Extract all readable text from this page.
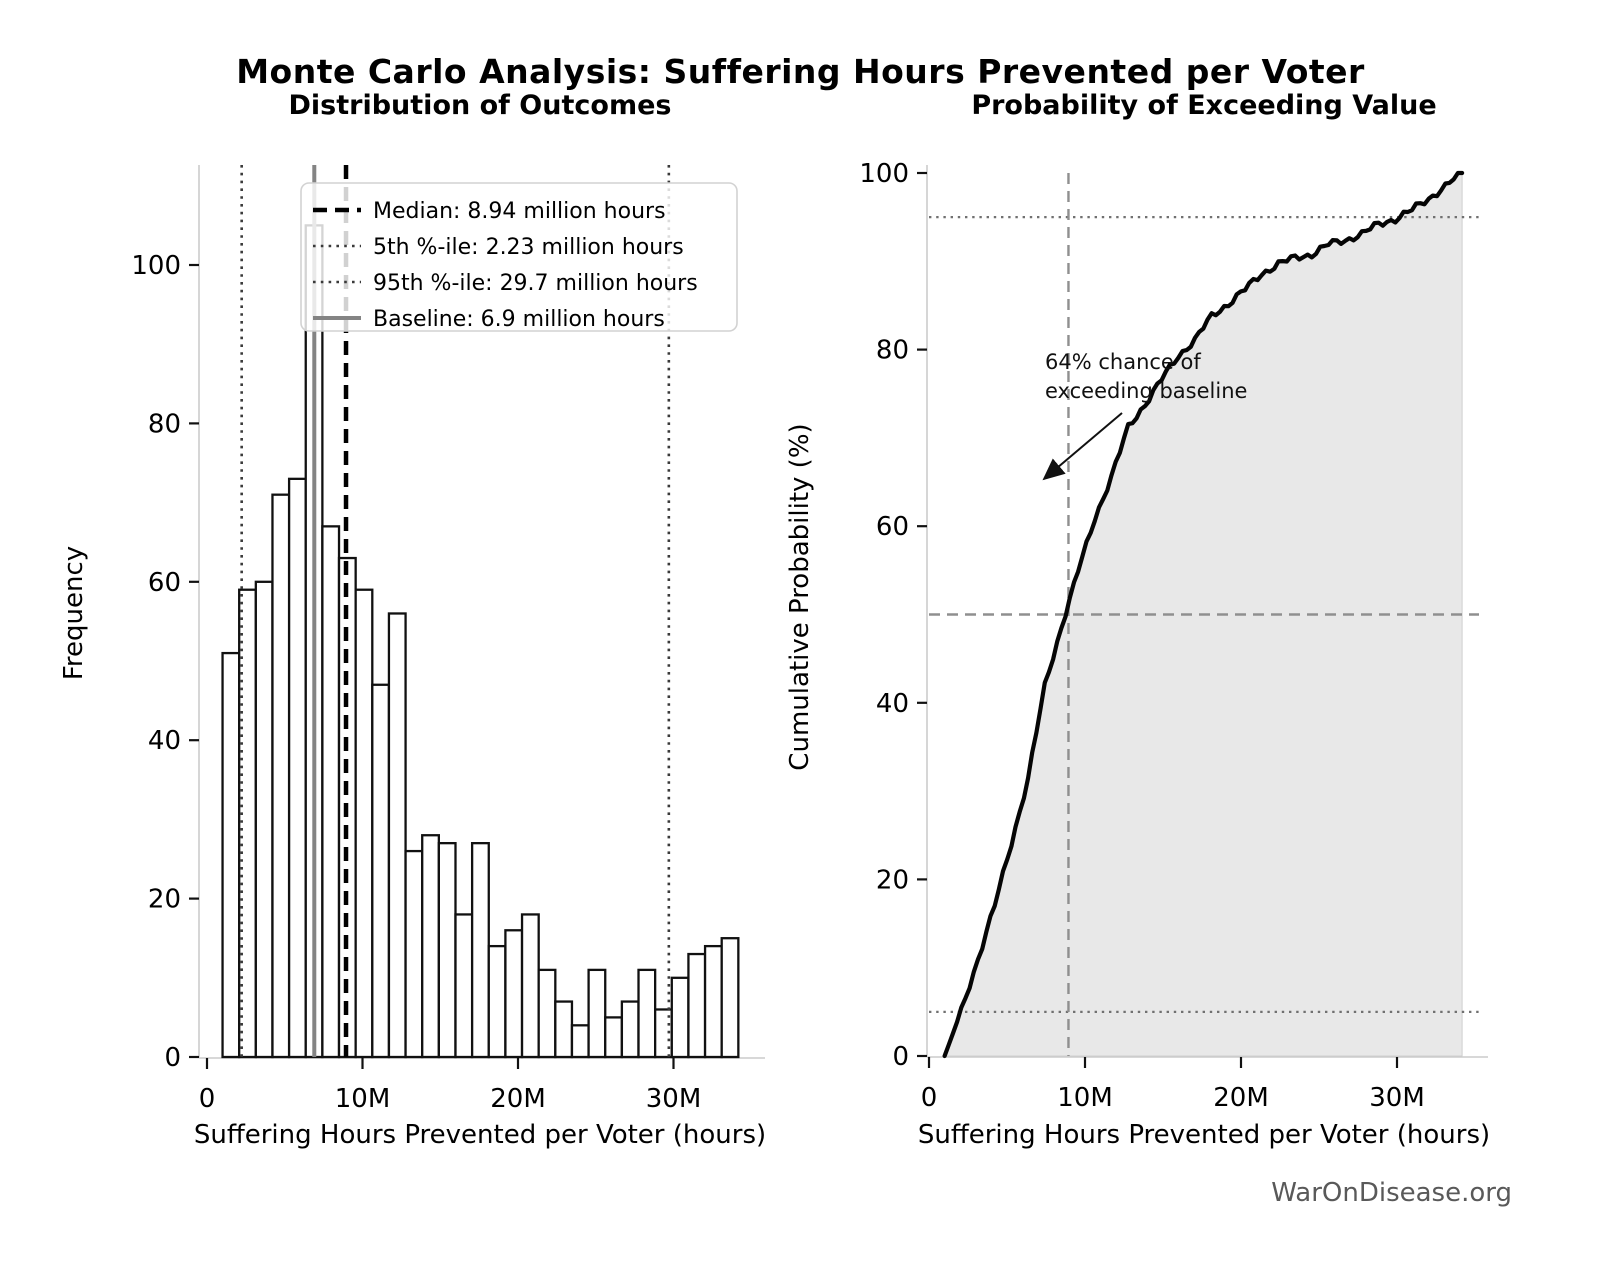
Monte Carlo Analysis: Suffering Hours Prevented per Voter
Distribution of Outcomes	Probability of Exceeding Value
0
20
40
60
80
100
0	10M	20M	30M
Median: 8.94 million hours
5th %-ile: 2.23 million hours
95th %-ile: 29.7 million hours
Baseline: 6.9 million hours
0
20
40
60
80
100
0	10M	20M	30M
Frequency	Cumulative Probability (%)
Suffering Hours Prevented per Voter (hours)	Suffering Hours Prevented per Voter (hours)
64% chance of
exceeding baseline
WarOnDisease.org
